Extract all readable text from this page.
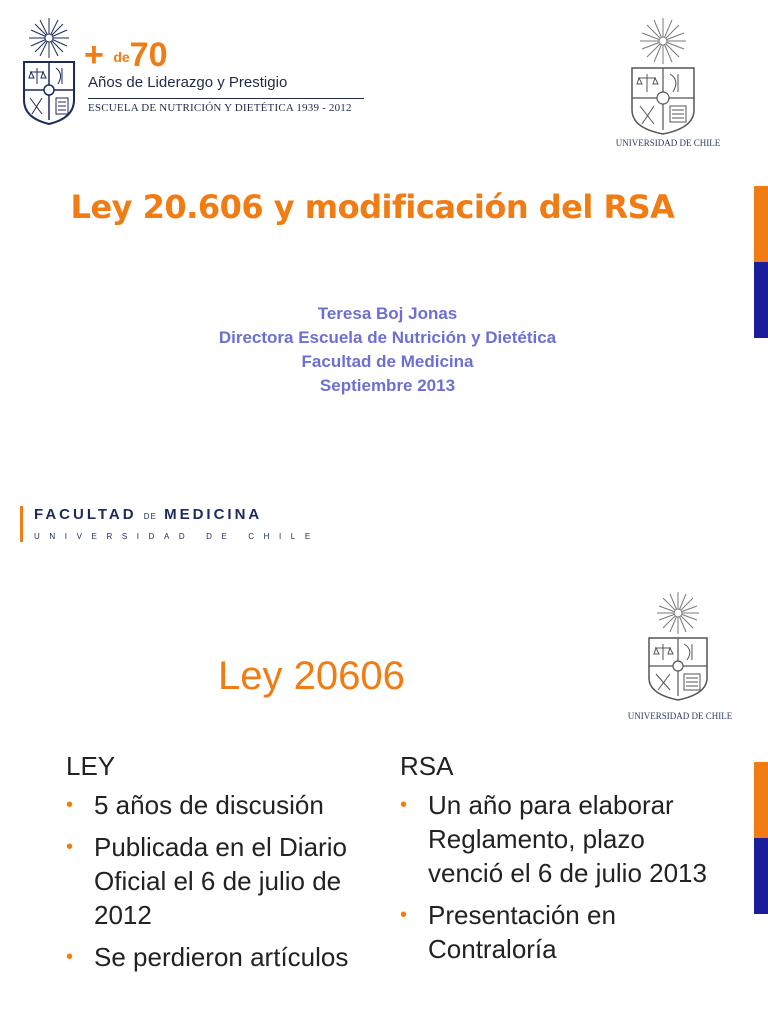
+ de70
Años de Liderazgo y Prestigio
ESCUELA DE NUTRICIÓN Y DIETÉTICA 1939 - 2012
UNIVERSIDAD DE CHILE
Ley 20.606 y modificación del RSA
Teresa Boj Jonas
Directora Escuela de Nutrición y Dietética
Facultad de Medicina
Septiembre 2013
FACULTAD DE MEDICINA
UNIVERSIDAD DE CHILE
UNIVERSIDAD DE CHILE
Ley 20606
LEY
• 5 años de discusión
• Publicada en el Diario Oficial el 6 de julio de 2012
• Se perdieron artículos
RSA
• Un año para elaborar Reglamento, plazo venció el 6 de julio 2013
• Presentación en Contraloría
